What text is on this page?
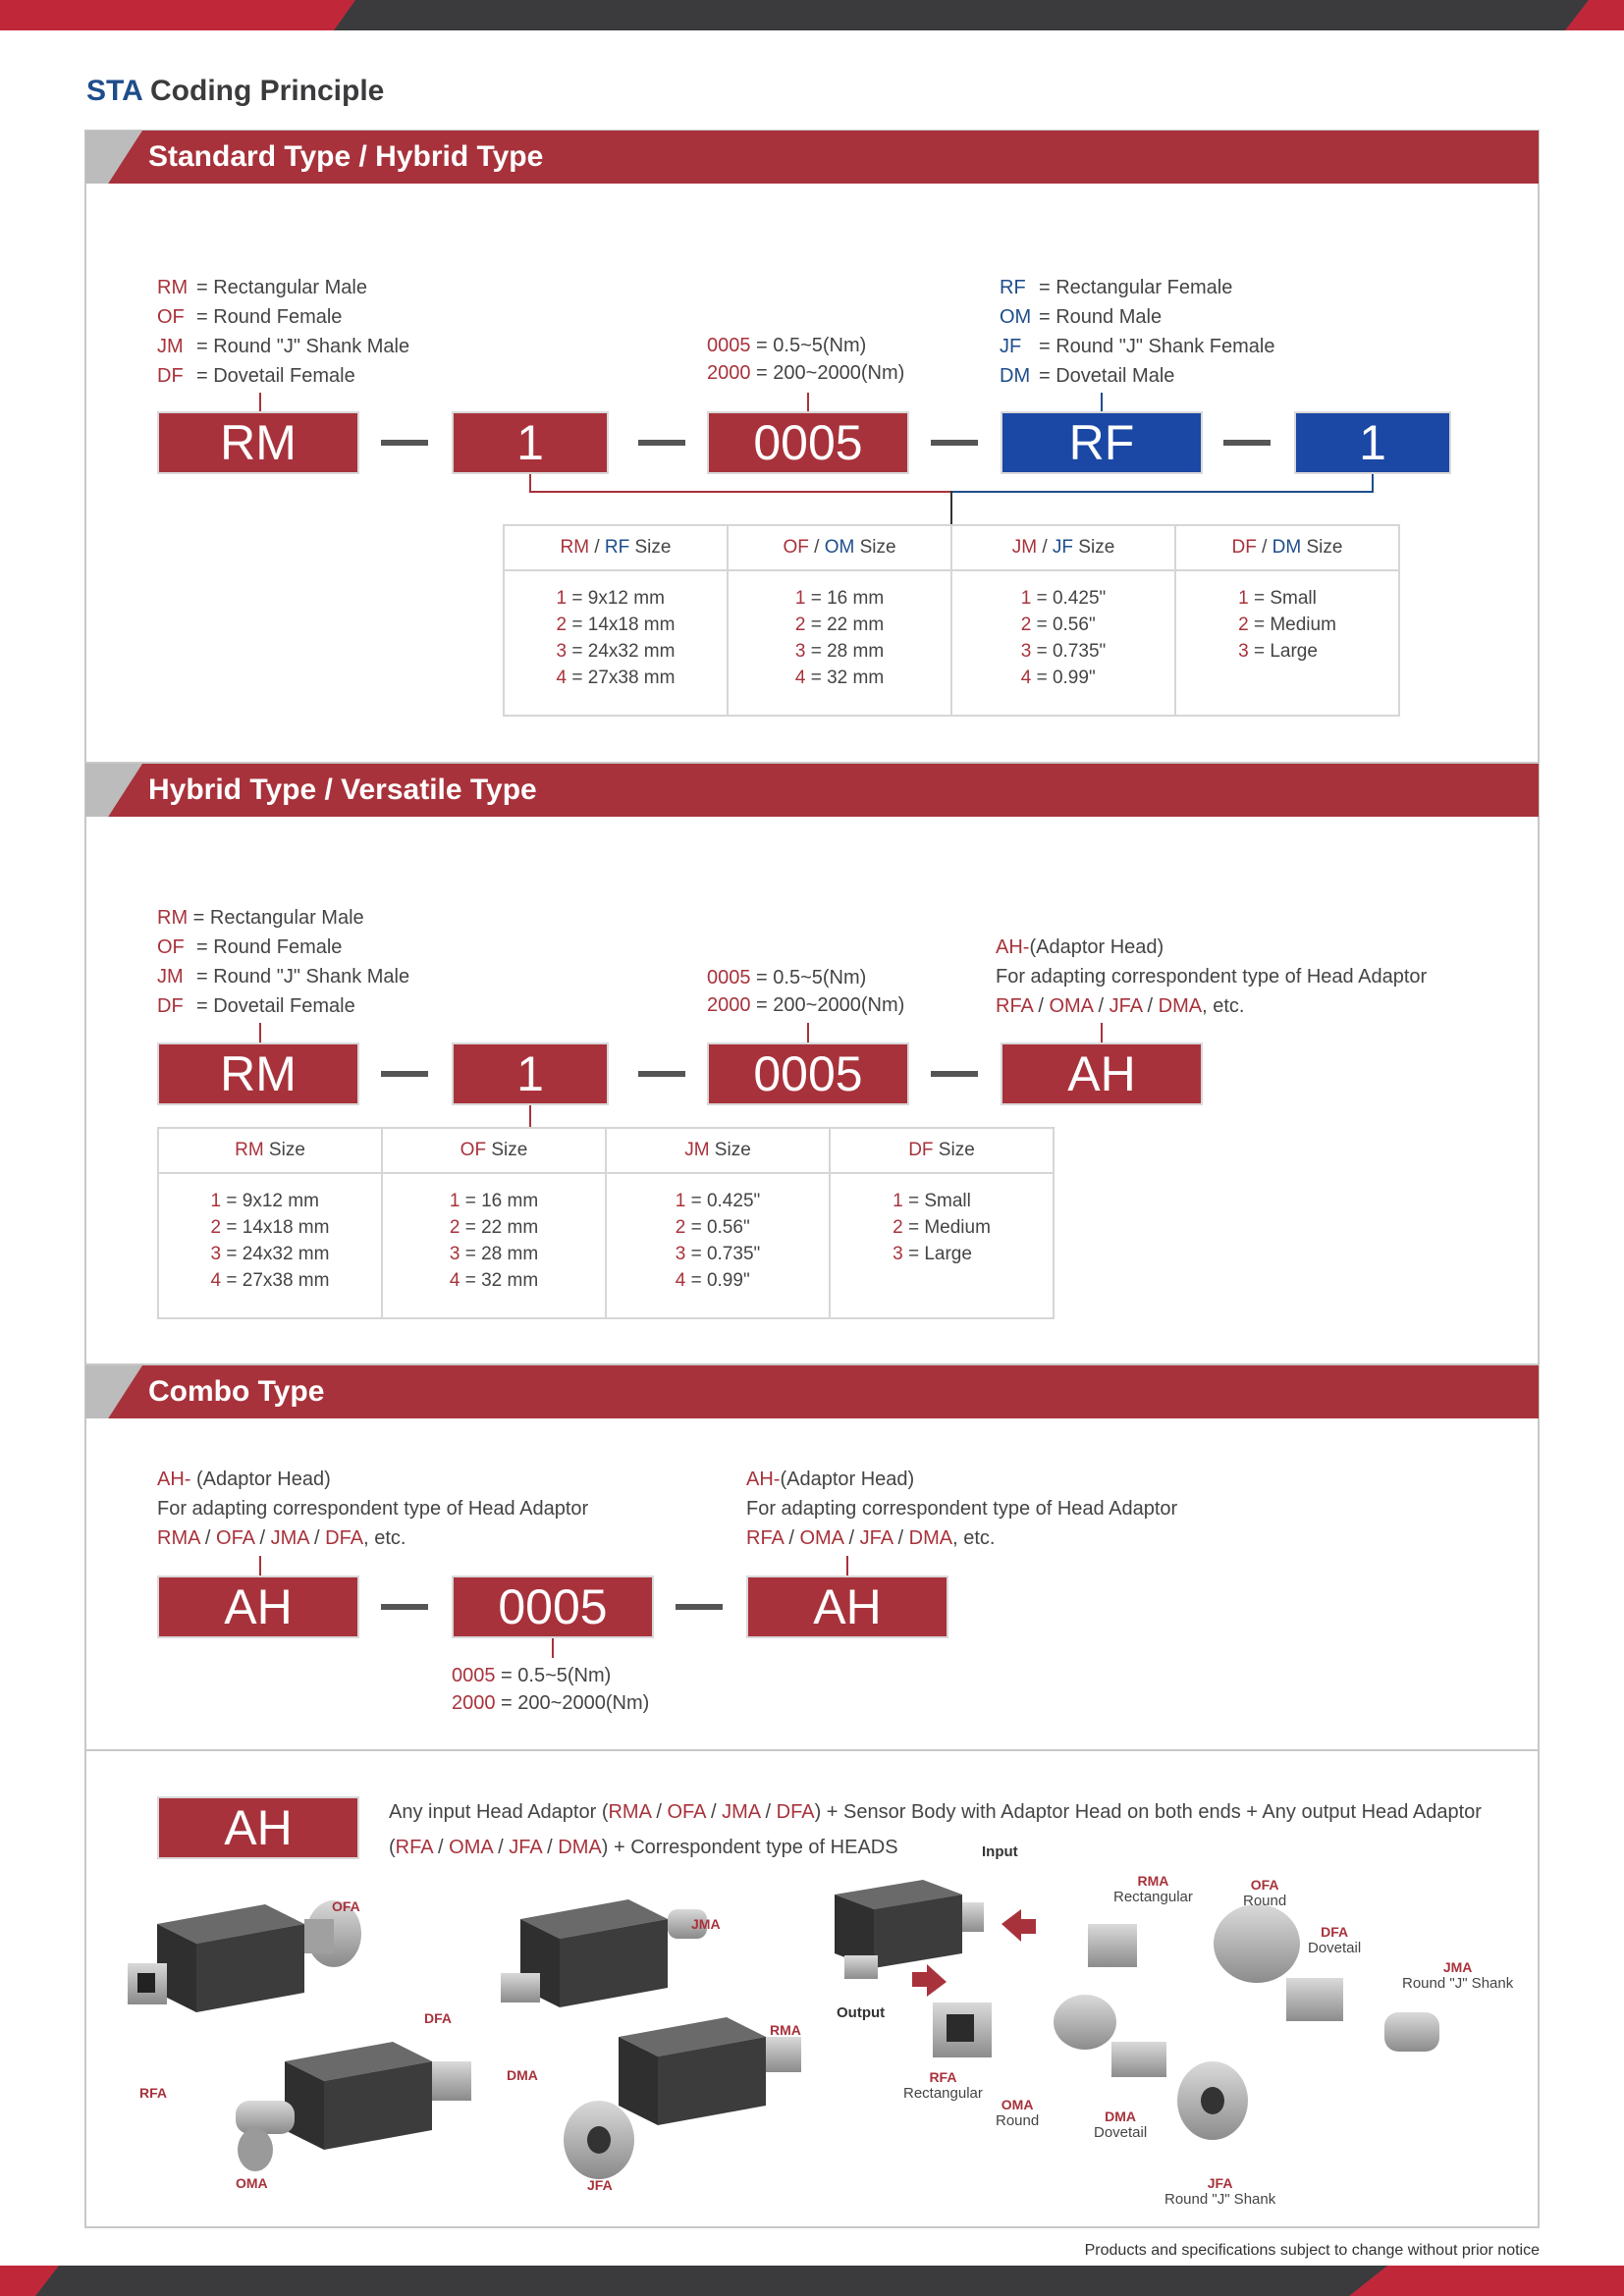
STA Coding Principle
Standard Type / Hybrid Type
RM = Rectangular Male
OF = Round Female
JM = Round "J" Shank Male
DF = Dovetail Female
0005 = 0.5~5(Nm)
2000 = 200~2000(Nm)
RF = Rectangular Female
OM = Round Male
JF = Round "J" Shank Female
DM = Dovetail Male
RM	1	0005	RF	1
RM / RF Size	OF / OM Size	JM / JF Size	DF / DM Size
1 = 9x12 mm
2 = 14x18 mm
3 = 24x32 mm
4 = 27x38 mm	1 = 16 mm
2 = 22 mm
3 = 28 mm
4 = 32 mm	1 = 0.425"
2 = 0.56"
3 = 0.735"
4 = 0.99"	1 = Small
2 = Medium
3 = Large
Hybrid Type / Versatile Type
RM = Rectangular Male
OF = Round Female
JM = Round "J" Shank Male
DF = Dovetail Female
0005 = 0.5~5(Nm)
2000 = 200~2000(Nm)
AH-(Adaptor Head)
For adapting correspondent type of Head Adaptor
RFA / OMA / JFA / DMA, etc.
RM	1	0005	AH
RM Size	OF Size	JM Size	DF Size
1 = 9x12 mm
2 = 14x18 mm
3 = 24x32 mm
4 = 27x38 mm	1 = 16 mm
2 = 22 mm
3 = 28 mm
4 = 32 mm	1 = 0.425"
2 = 0.56"
3 = 0.735"
4 = 0.99"	1 = Small
2 = Medium
3 = Large
Combo Type
AH- (Adaptor Head)
For adapting correspondent type of Head Adaptor
RMA / OFA / JMA / DFA, etc.
AH-(Adaptor Head)
For adapting correspondent type of Head Adaptor
RFA / OMA / JFA / DMA, etc.
AH	0005	AH
0005 = 0.5~5(Nm)
2000 = 200~2000(Nm)
AH	Any input Head Adaptor (RMA / OFA / JMA / DFA) + Sensor Body with Adaptor Head on both ends + Any output Head Adaptor
(RFA / OMA / JFA / DMA) + Correspondent type of HEADS
OFA
RFA
DFA
OMA
JMA
DMA
RMA
JFA
Input
Output
RMA
Rectangular
OFA
Round
DFA
Dovetail
JMA
Round "J" Shank
RFA
Rectangular
OMA
Round	DMA
Dovetail
JFA
Round "J" Shank
Products and specifications subject to change without prior notice
